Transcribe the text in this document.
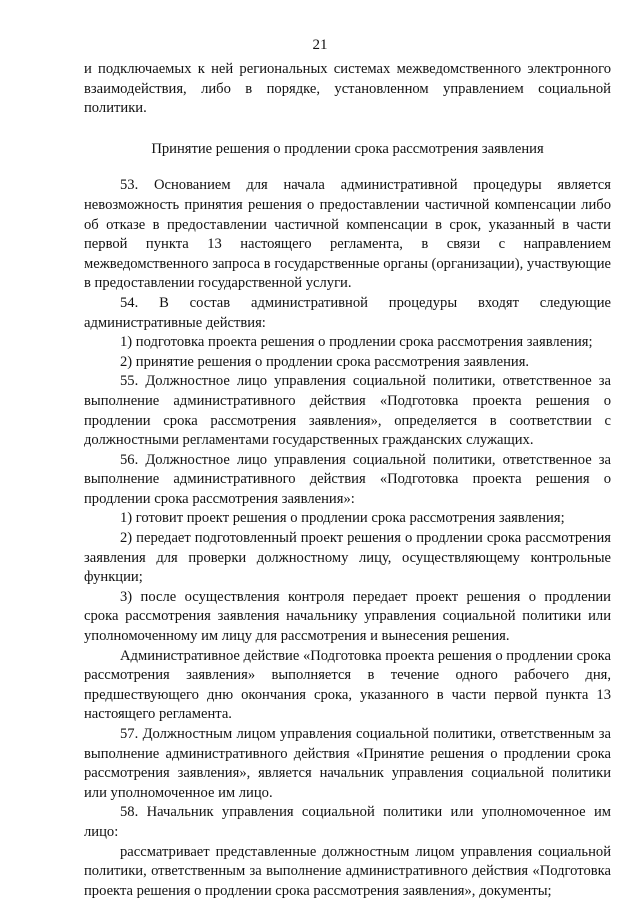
21

и подключаемых к ней региональных системах межведомственного электронного взаимодействия, либо в порядке, установленном управлением социальной политики.

Принятие решения о продлении срока рассмотрения заявления

53. Основанием для начала административной процедуры является невозможность принятия решения о предоставлении частичной компенсации либо об отказе в предоставлении частичной компенсации в срок, указанный в части первой пункта 13 настоящего регламента, в связи с направлением межведомственного запроса в государственные органы (организации), участвующие в предоставлении государственной услуги.

54. В состав административной процедуры входят следующие административные действия:

1) подготовка проекта решения о продлении срока рассмотрения заявления;

2) принятие решения о продлении срока рассмотрения заявления.

55. Должностное лицо управления социальной политики, ответственное за выполнение административного действия «Подготовка проекта решения о продлении срока рассмотрения заявления», определяется в соответствии с должностными регламентами государственных гражданских служащих.

56. Должностное лицо управления социальной политики, ответственное за выполнение административного действия «Подготовка проекта решения о продлении срока рассмотрения заявления»:

1) готовит проект решения о продлении срока рассмотрения заявления;

2) передает подготовленный проект решения о продлении срока рассмотрения заявления для проверки должностному лицу, осуществляющему контрольные функции;

3) после осуществления контроля передает проект решения о продлении срока рассмотрения заявления начальнику управления социальной политики или уполномоченному им лицу для рассмотрения и вынесения решения.

Административное действие «Подготовка проекта решения о продлении срока рассмотрения заявления» выполняется в течение одного рабочего дня, предшествующего дню окончания срока, указанного в части первой пункта 13 настоящего регламента.

57. Должностным лицом управления социальной политики, ответственным за выполнение административного действия «Принятие решения о продлении срока рассмотрения заявления», является начальник управления социальной политики или уполномоченное им лицо.

58. Начальник управления социальной политики или уполномоченное им лицо:

рассматривает представленные должностным лицом управления социальной политики, ответственным за выполнение административного действия «Подготовка проекта решения о продлении срока рассмотрения заявления», документы;
